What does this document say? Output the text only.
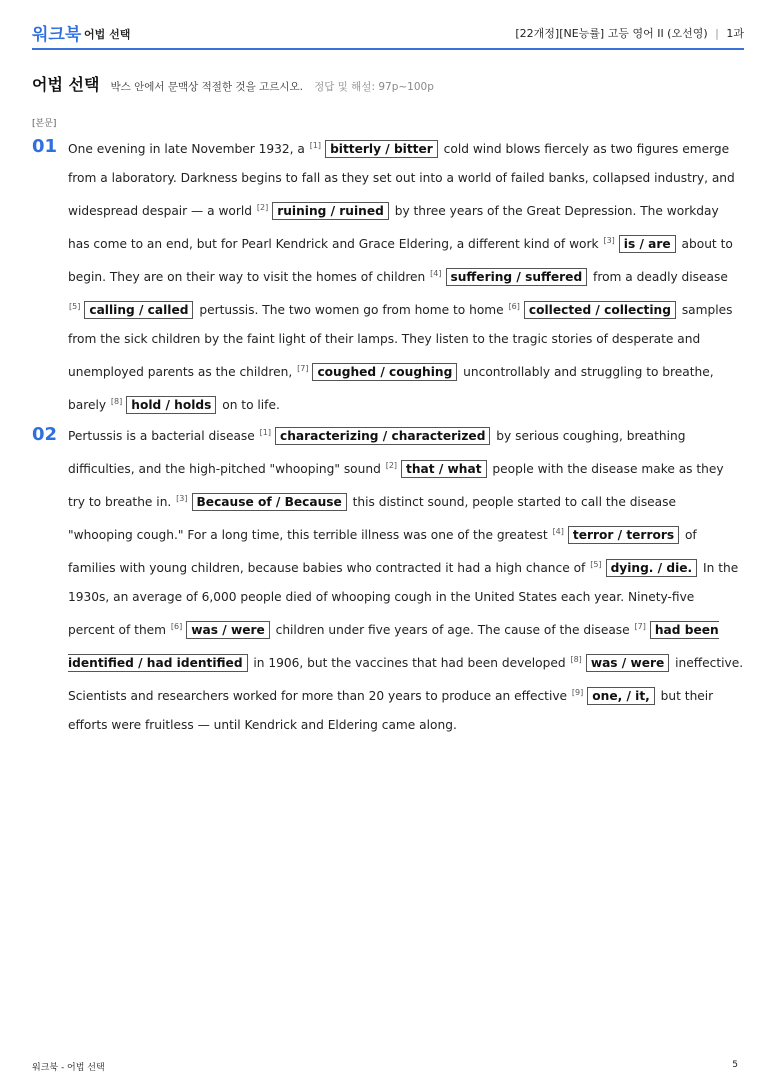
워크북 어법 선택	[22개정][NE능률] 고등 영어 II (오선영) | 1과
어법 선택 박스 안에서 문맥상 적절한 것을 고르시오. 정답 및 해설: 97p~100p
[본문]
01 One evening in late November 1932, a [1] bitterly / bitter cold wind blows fiercely as two figures emerge from a laboratory. Darkness begins to fall as they set out into a world of failed banks, collapsed industry, and widespread despair — a world [2] ruining / ruined by three years of the Great Depression. The workday has come to an end, but for Pearl Kendrick and Grace Eldering, a different kind of work [3] is / are about to begin. They are on their way to visit the homes of children [4] suffering / suffered from a deadly disease [5] calling / called pertussis. The two women go from home to home [6] collected / collecting samples from the sick children by the faint light of their lamps. They listen to the tragic stories of desperate and unemployed parents as the children, [7] coughed / coughing uncontrollably and struggling to breathe, barely [8] hold / holds on to life.
02 Pertussis is a bacterial disease [1] characterizing / characterized by serious coughing, breathing difficulties, and the high-pitched "whooping" sound [2] that / what people with the disease make as they try to breathe in. [3] Because of / Because this distinct sound, people started to call the disease "whooping cough." For a long time, this terrible illness was one of the greatest [4] terror / terrors of families with young children, because babies who contracted it had a high chance of [5] dying. / die. In the 1930s, an average of 6,000 people died of whooping cough in the United States each year. Ninety-five percent of them [6] was / were children under five years of age. The cause of the disease [7] had been identified / had identified in 1906, but the vaccines that had been developed [8] was / were ineffective. Scientists and researchers worked for more than 20 years to produce an effective [9] one, / it, but their efforts were fruitless — until Kendrick and Eldering came along.
워크북 - 어법 선택	5
